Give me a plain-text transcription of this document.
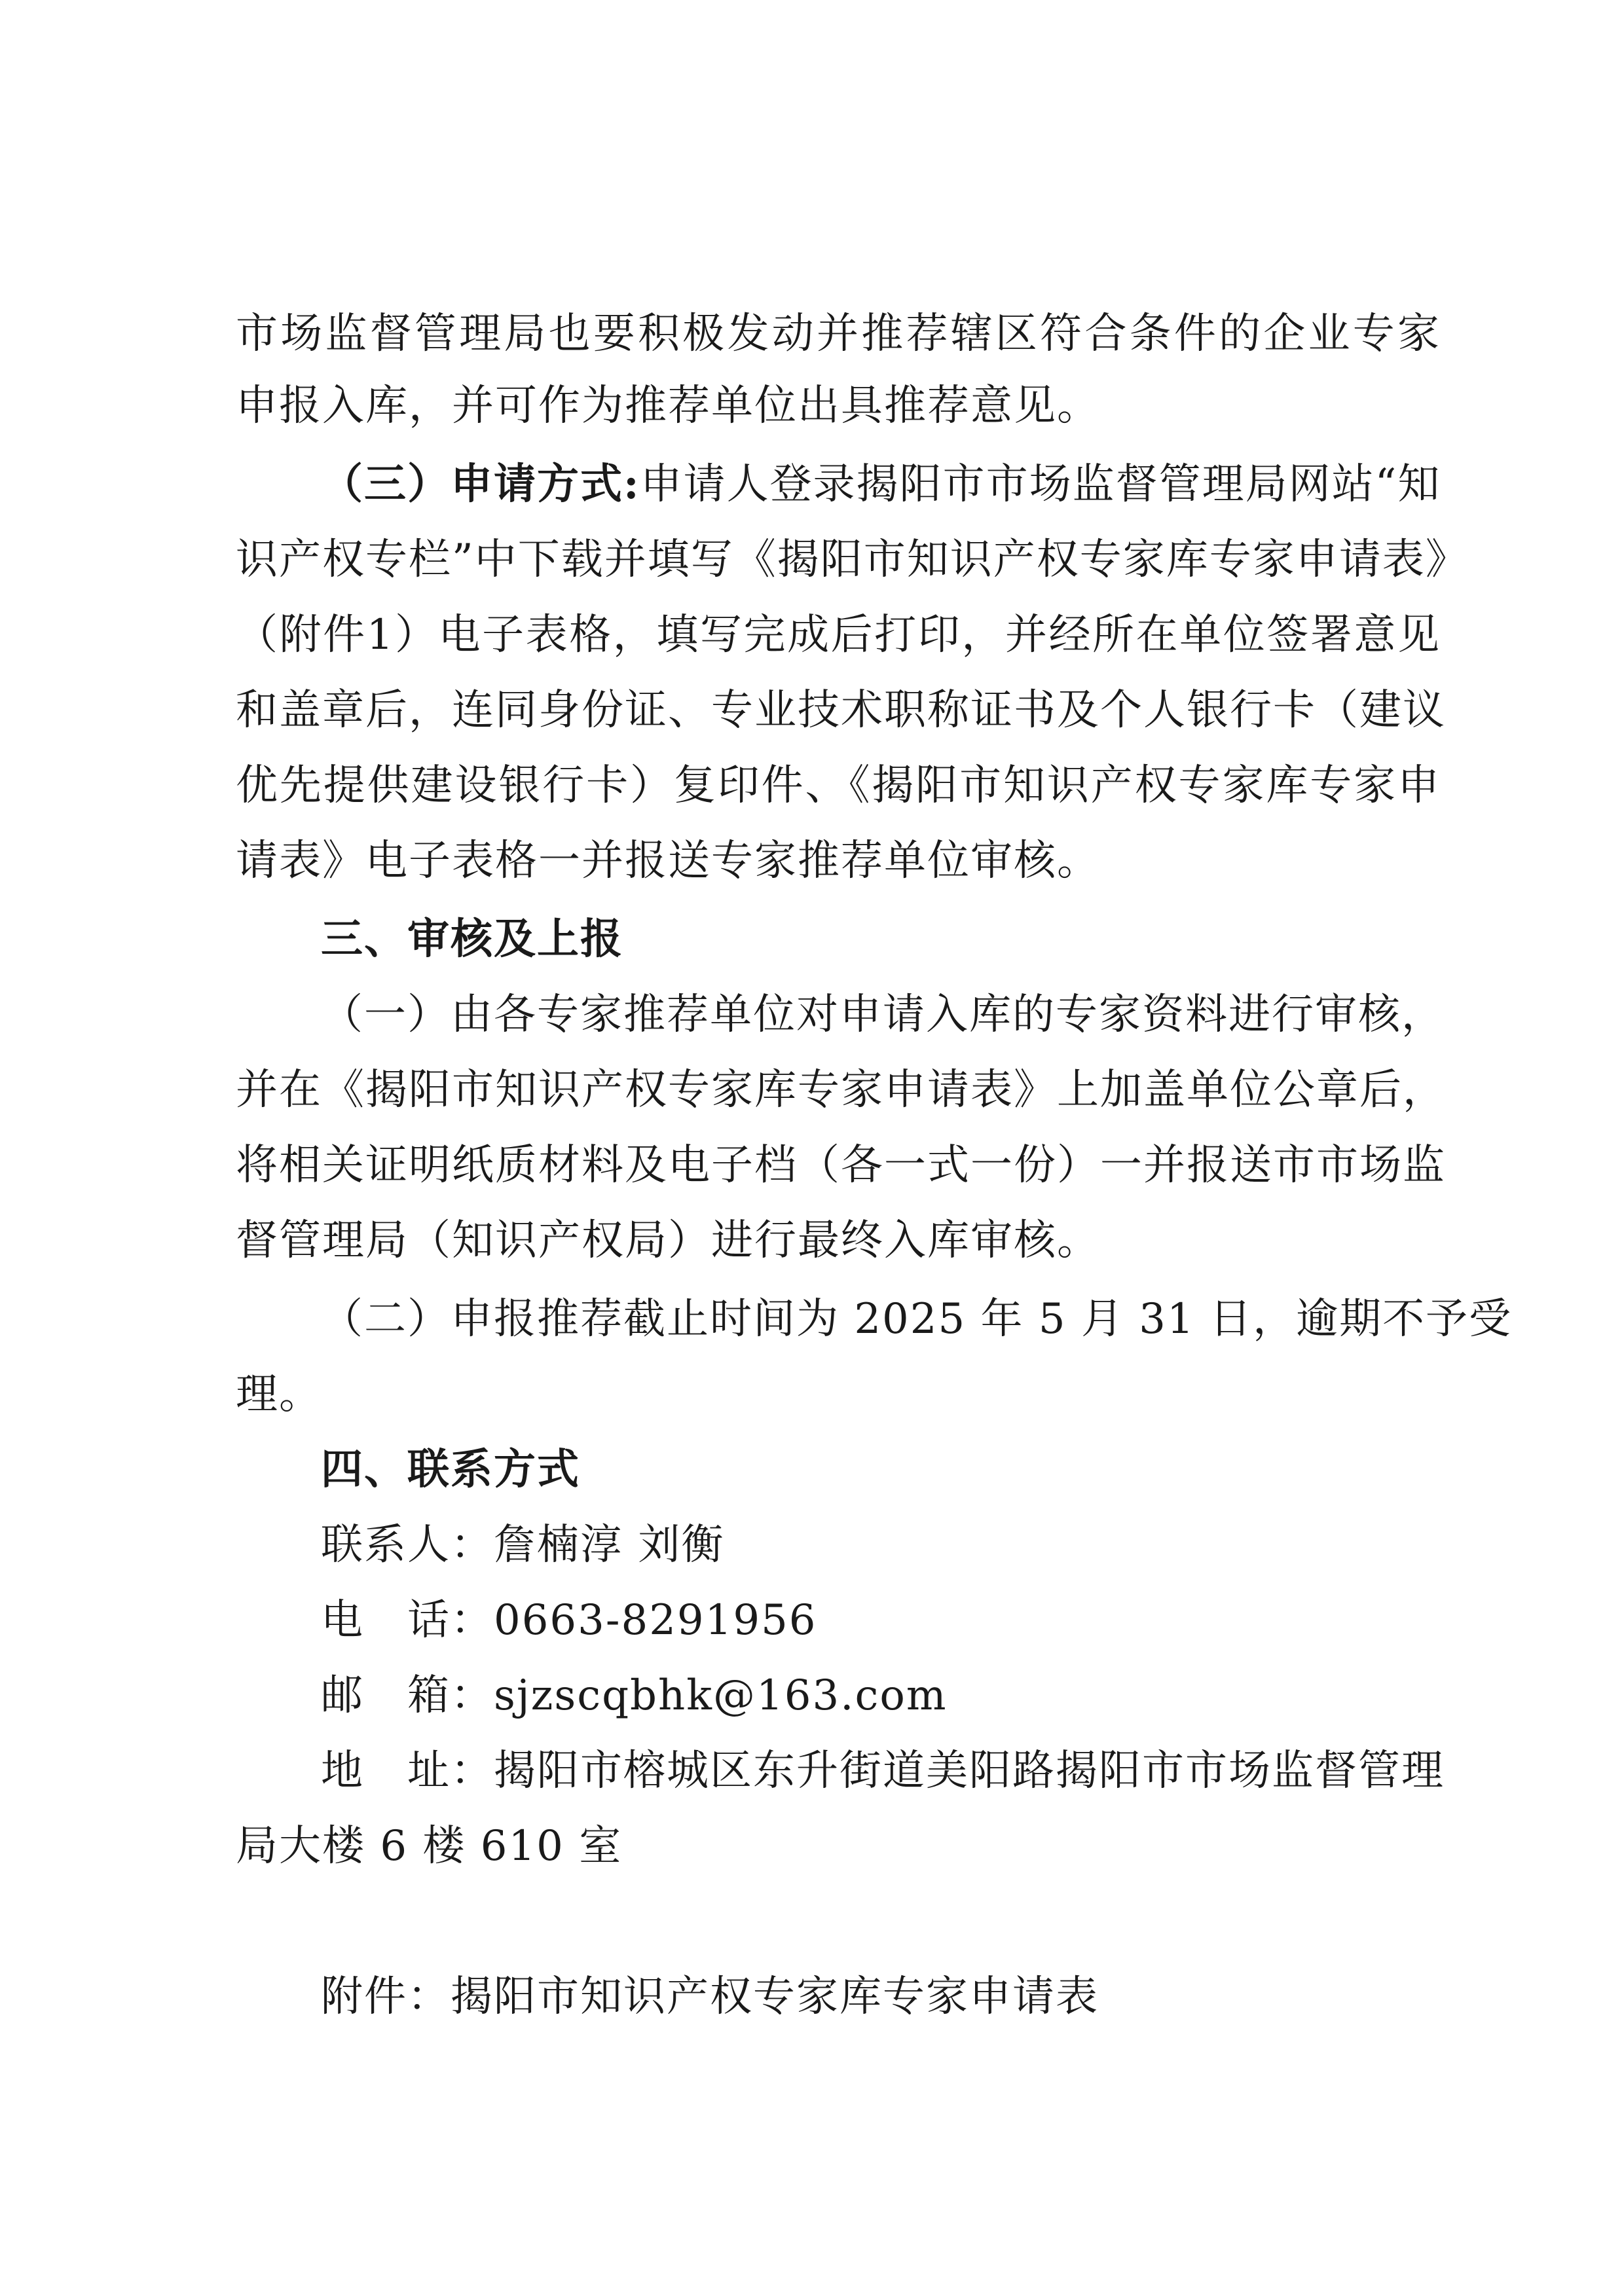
市场监督管理局也要积极发动并推荐辖区符合条件的企业专家
申报入库，并可作为推荐单位出具推荐意见。
（三）申请方式:申请人登录揭阳市市场监督管理局网站“知
识产权专栏”中下载并填写《揭阳市知识产权专家库专家申请表》
（附件1）电子表格，填写完成后打印，并经所在单位签署意见
和盖章后，连同身份证、专业技术职称证书及个人银行卡（建议
优先提供建设银行卡）复印件、《揭阳市知识产权专家库专家申
请表》电子表格一并报送专家推荐单位审核。
三、审核及上报
（一）由各专家推荐单位对申请入库的专家资料进行审核，
并在《揭阳市知识产权专家库专家申请表》上加盖单位公章后，
将相关证明纸质材料及电子档（各一式一份）一并报送市市场监
督管理局（知识产权局）进行最终入库审核。
（二）申报推荐截止时间为 2025 年 5 月 31 日，逾期不予受
理。
四、联系方式
联系人：詹楠淳 刘衡
电　话：0663-8291956
邮　箱：sjzscqbhk@163.com
地　址：揭阳市榕城区东升街道美阳路揭阳市市场监督管理
局大楼 6 楼 610 室
附件：揭阳市知识产权专家库专家申请表
